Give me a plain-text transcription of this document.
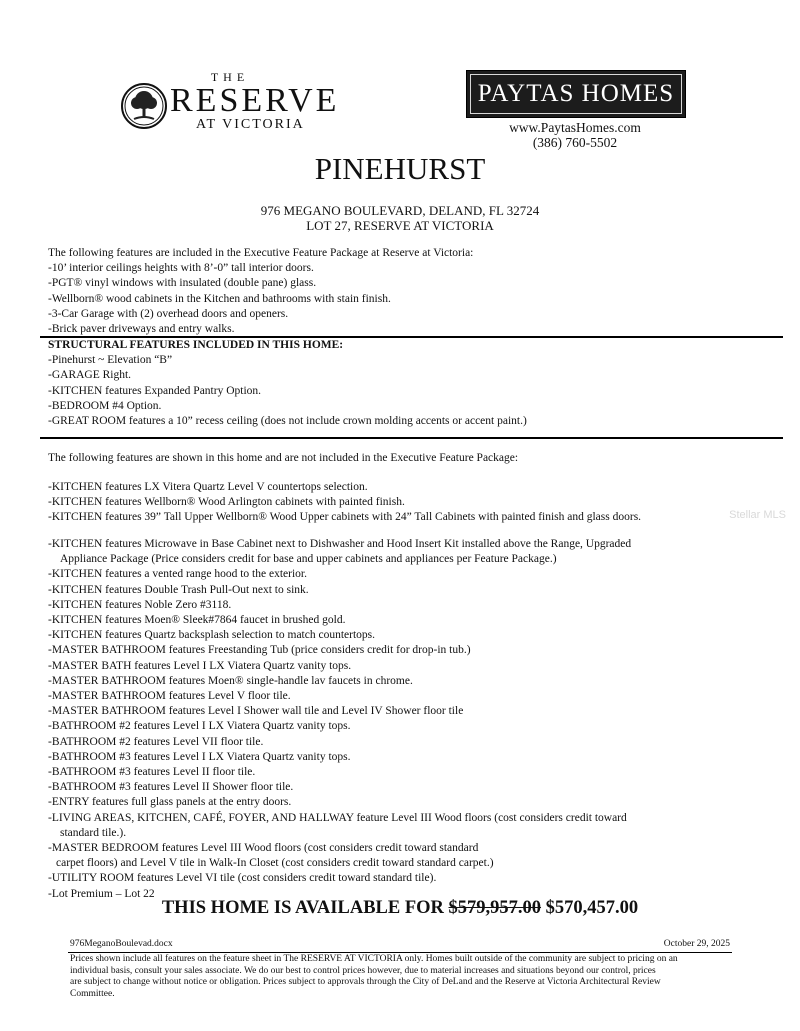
THE
RESERVE
AT VICTORIA
PAYTAS HOMES
www.PaytasHomes.com
(386) 760-5502
PINEHURST
976 MEGANO BOULEVARD, DELAND, FL 32724
LOT 27, RESERVE AT VICTORIA
The following features are included in the Executive Feature Package at Reserve at Victoria:
-10’ interior ceilings heights with 8’-0” tall interior doors.
-PGT® vinyl windows with insulated (double pane) glass.
-Wellborn® wood cabinets in the Kitchen and bathrooms with stain finish.
-3-Car Garage with (2) overhead doors and openers.
-Brick paver driveways and entry walks.
STRUCTURAL FEATURES INCLUDED IN THIS HOME:
-Pinehurst ~ Elevation “B”
-GARAGE Right.
-KITCHEN features Expanded Pantry Option.
-BEDROOM #4 Option.
-GREAT ROOM features a 10” recess ceiling (does not include crown molding accents or accent paint.)
The following features are shown in this home and are not included in the Executive Feature Package:
-KITCHEN features LX Vitera Quartz Level V countertops selection.
-KITCHEN features Wellborn® Wood Arlington cabinets with painted finish.
-KITCHEN features 39” Tall Upper Wellborn® Wood Upper cabinets with 24” Tall Cabinets with painted finish and glass doors.
-KITCHEN features Microwave in Base Cabinet next to Dishwasher and Hood Insert Kit installed above the Range, Upgraded
Appliance Package (Price considers credit for base and upper cabinets and appliances per Feature Package.)
-KITCHEN features a vented range hood to the exterior.
-KITCHEN features Double Trash Pull-Out next to sink.
-KITCHEN features Noble Zero #3118.
-KITCHEN features Moen® Sleek#7864 faucet in brushed gold.
-KITCHEN features Quartz backsplash selection to match countertops.
-MASTER BATHROOM features Freestanding Tub (price considers credit for drop-in tub.)
-MASTER BATH features Level I LX Viatera Quartz vanity tops.
-MASTER BATHROOM features Moen® single-handle lav faucets in chrome.
-MASTER BATHROOM features Level V floor tile.
-MASTER BATHROOM features Level I Shower wall tile and Level IV Shower floor tile
-BATHROOM #2 features Level I LX Viatera Quartz vanity tops.
-BATHROOM #2 features Level VII floor tile.
-BATHROOM #3 features Level I LX Viatera Quartz vanity tops.
-BATHROOM #3 features Level II floor tile.
-BATHROOM #3 features Level II Shower floor tile.
-ENTRY features full glass panels at the entry doors.
-LIVING AREAS, KITCHEN, CAFÉ, FOYER, AND HALLWAY feature Level III Wood floors (cost considers credit toward
standard tile.).
-MASTER BEDROOM features Level III Wood floors (cost considers credit toward standard
carpet floors) and Level V tile in Walk-In Closet (cost considers credit toward standard carpet.)
-UTILITY ROOM features Level VI tile (cost considers credit toward standard tile).
-Lot Premium – Lot 22
THIS HOME IS AVAILABLE FOR $579,957.00 $570,457.00
976MeganoBoulevad.docx	October 29, 2025
Prices shown include all features on the feature sheet in The RESERVE AT VICTORIA only. Homes built outside of the community are subject to pricing on an
individual basis, consult your sales associate. We do our best to control prices however, due to material increases and situations beyond our control, prices
are subject to change without notice or obligation. Prices subject to approvals through the City of DeLand and the Reserve at Victoria Architectural Review
Committee.
Stellar MLS
